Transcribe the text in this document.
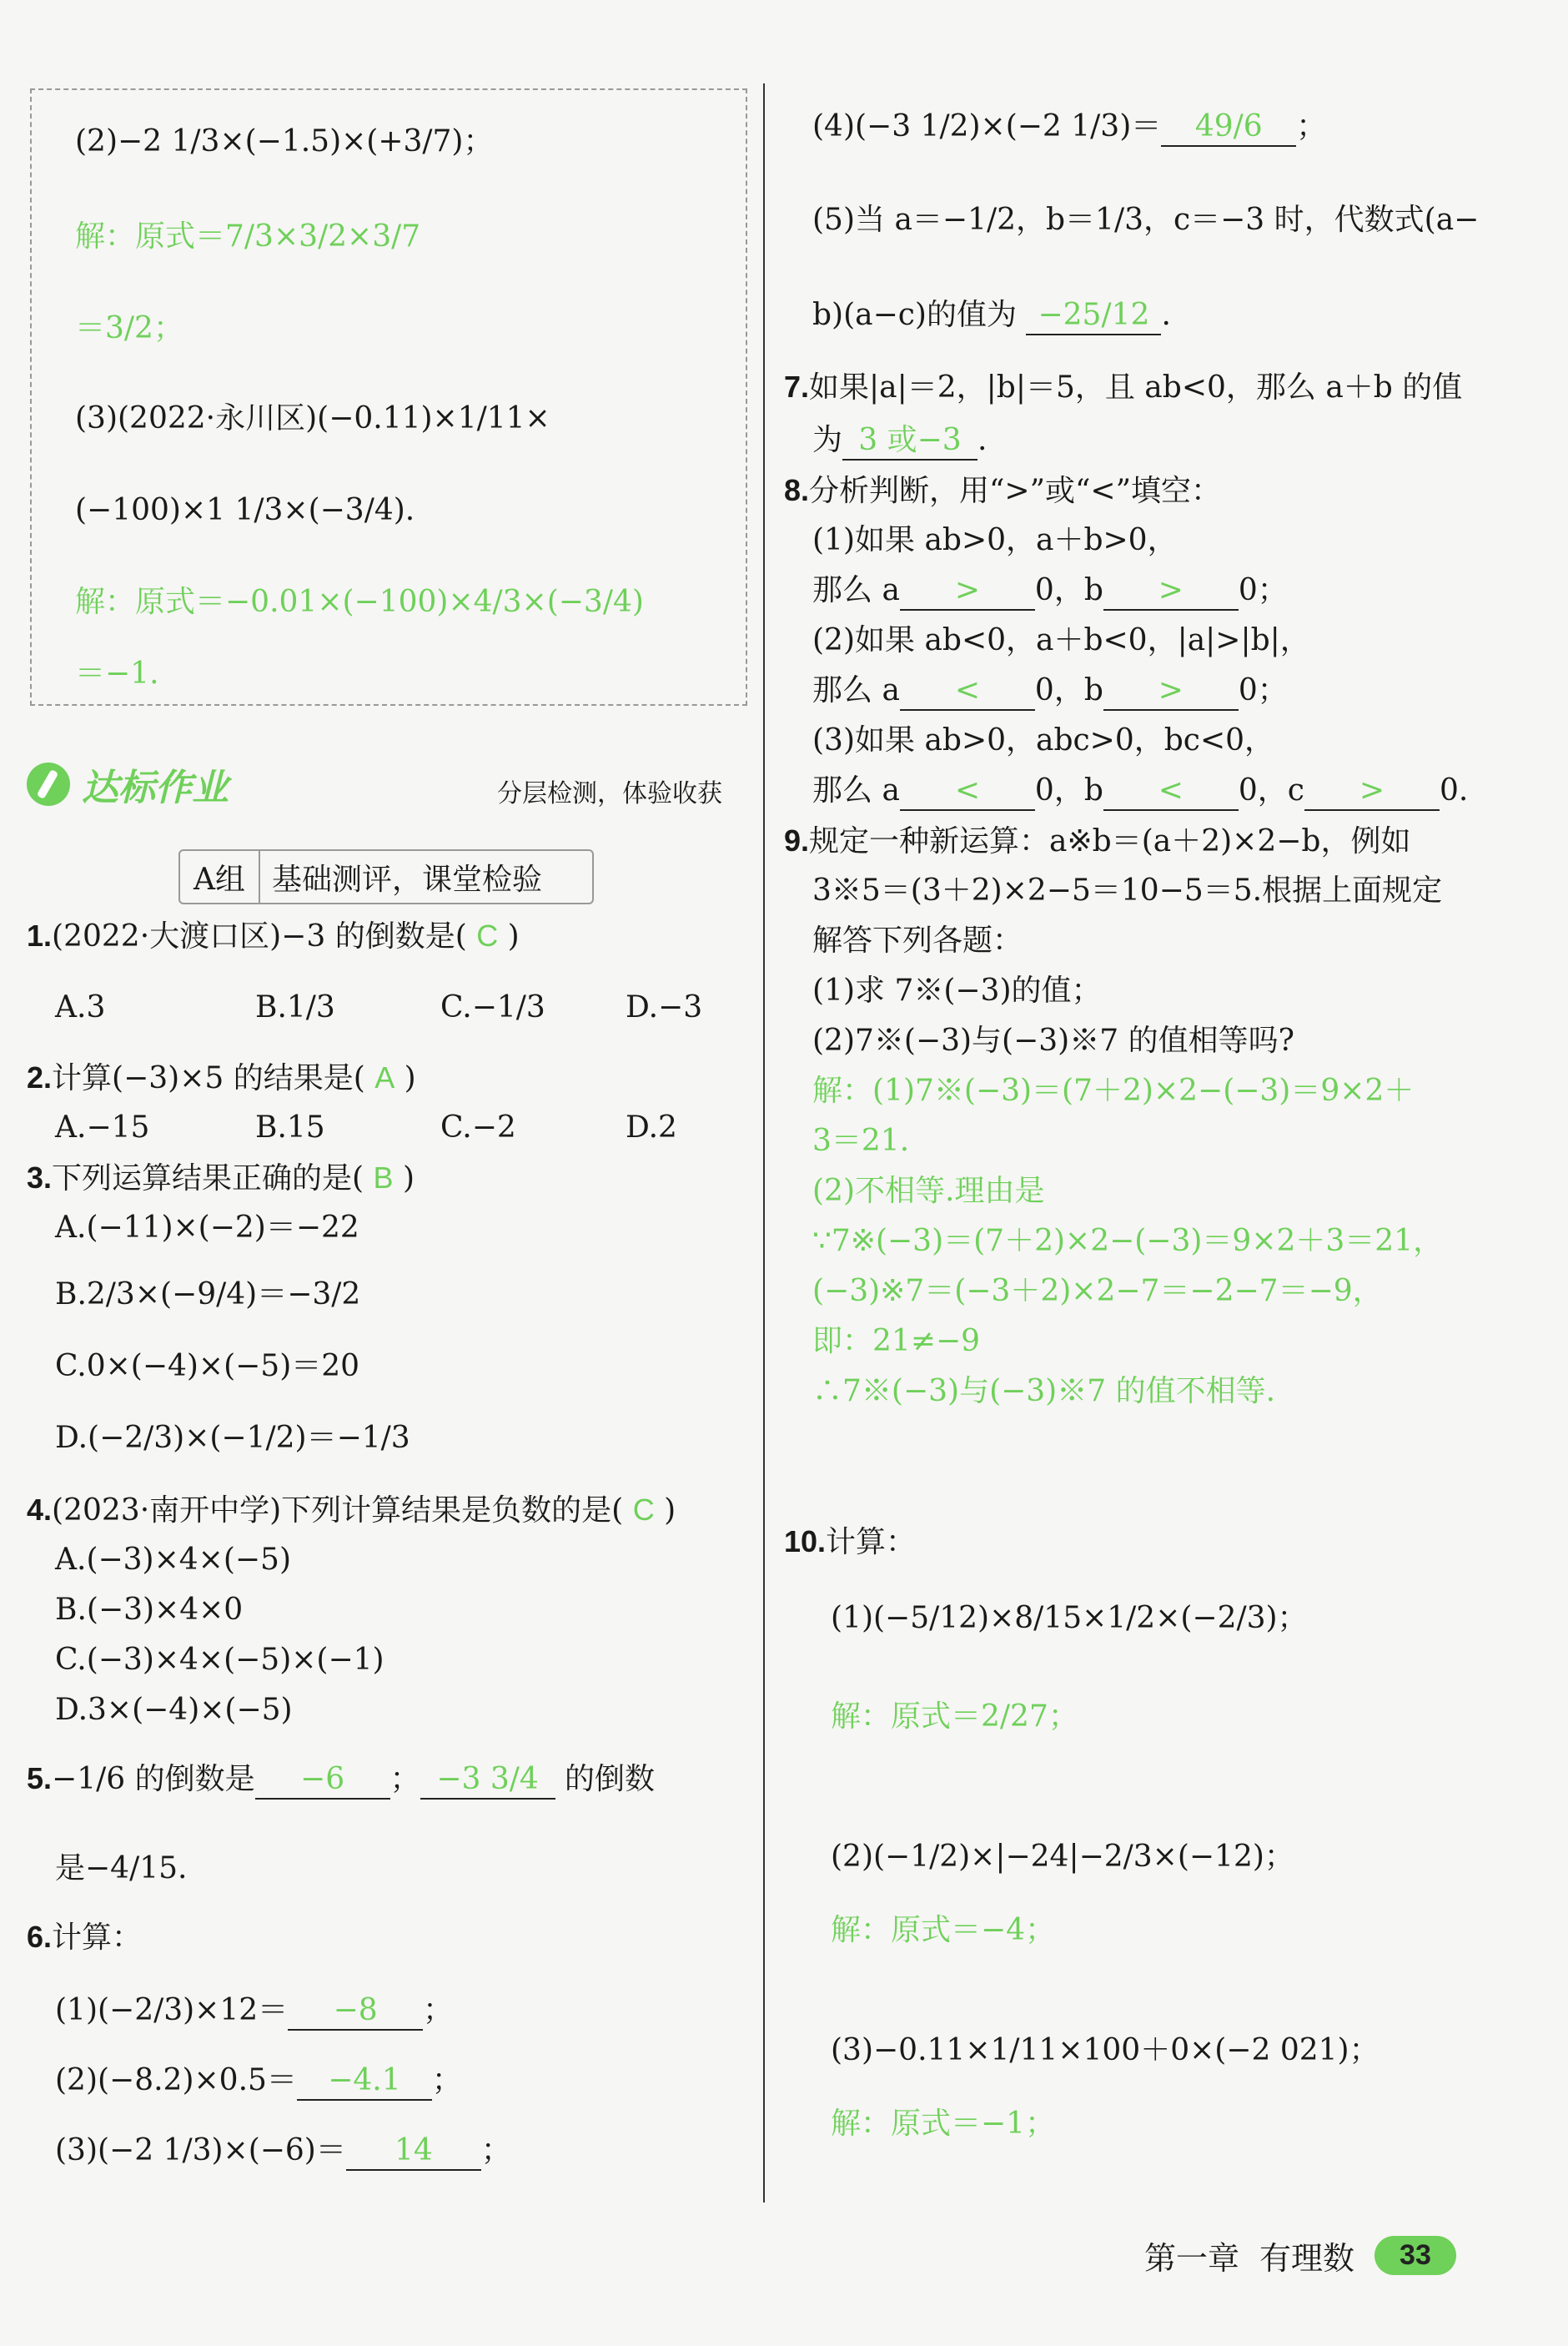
(2)−2 1/3×(−1.5)×(+3/7)；
解：原式＝7/3×3/2×3/7
＝3/2；
(3)(2022·永川区)(−0.11)×1/11×
(−100)×1 1/3×(−3/4).
解：原式＝−0.01×(−100)×4/3×(−3/4)
＝−1.
达标作业	分层检测，体验收获
A组 基础测评，课堂检验
1.(2022·大渡口区)−3 的倒数是( C )
A.3	B.1/3	C.−1/3	D.−3
2.计算(−3)×5 的结果是( A )
A.−15	B.15	C.−2	D.2
3.下列运算结果正确的是( B )
A.(−11)×(−2)＝−22
B.2/3×(−9/4)＝−3/2
C.0×(−4)×(−5)＝20
D.(−2/3)×(−1/2)＝−1/3
4.(2023·南开中学)下列计算结果是负数的是( C )
A.(−3)×4×(−5)
B.(−3)×4×0
C.(−3)×4×(−5)×(−1)
D.3×(−4)×(−5)
5.−1/6 的倒数是 −6 ； −3 3/4 的倒数
是−4/15.
6.计算：
(1)(−2/3)×12＝ −8 ；
(2)(−8.2)×0.5＝ −4.1 ；
(3)(−2 1/3)×(−6)＝ 14 ；
(4)(−3 1/2)×(−2 1/3)＝ 49/6 ；
(5)当 a＝−1/2，b＝1/3，c＝−3 时，代数式(a−
b)(a−c)的值为 −25/12 .
7.如果|a|＝2，|b|＝5，且 ab<0，那么 a＋b 的值
为 3 或−3 .
8.分析判断，用“>”或“<”填空：
(1)如果 ab>0，a＋b>0，
那么 a > 0，b > 0；
(2)如果 ab<0，a＋b<0，|a|>|b|，
那么 a < 0，b > 0；
(3)如果 ab>0，abc>0，bc<0，
那么 a < 0，b < 0，c > 0.
9.规定一种新运算：a※b＝(a＋2)×2−b，例如
3※5＝(3＋2)×2−5＝10−5＝5.根据上面规定
解答下列各题：
(1)求 7※(−3)的值；
(2)7※(−3)与(−3)※7 的值相等吗?
解：(1)7※(−3)＝(7＋2)×2−(−3)＝9×2＋
3＝21.
(2)不相等.理由是
∵7※(−3)＝(7＋2)×2−(−3)＝9×2＋3＝21，
(−3)※7＝(−3＋2)×2−7＝−2−7＝−9，
即：21≠−9
∴7※(−3)与(−3)※7 的值不相等.
10.计算：
(1)(−5/12)×8/15×1/2×(−2/3)；
解：原式＝2/27；
(2)(−1/2)×|−24|−2/3×(−12)；
解：原式＝−4；
(3)−0.11×1/11×100＋0×(−2 021)；
解：原式＝−1；
第一章 有理数	33
